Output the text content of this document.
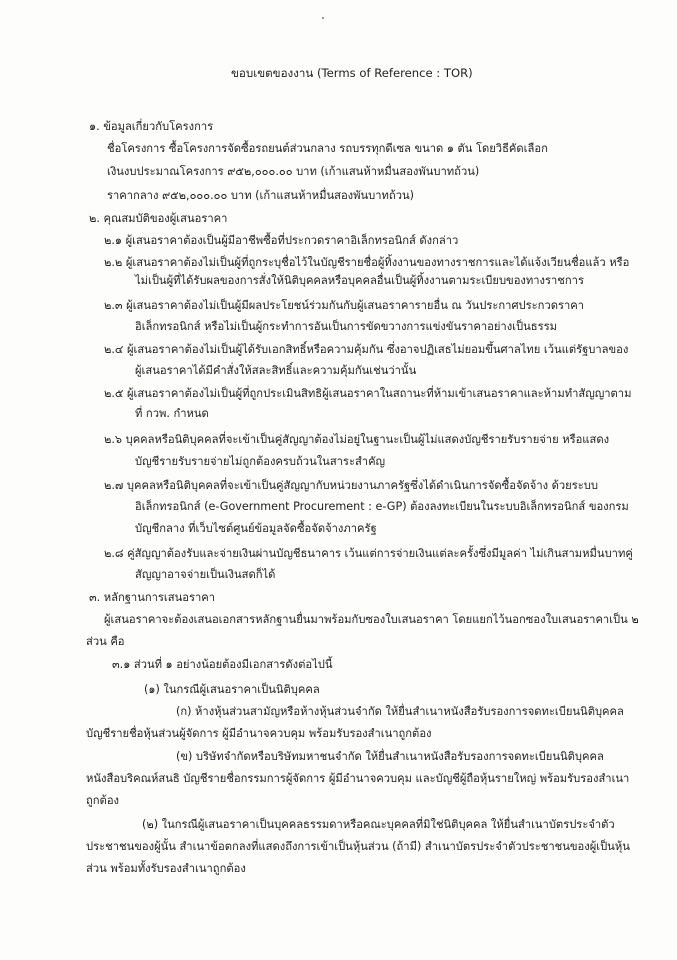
ขอบเขตของงาน (Terms of Reference : TOR)
๑. ข้อมูลเกี่ยวกับโครงการ
ชื่อโครงการ ซื้อโครงการจัดซื้อรถยนต์ส่วนกลาง รถบรรทุกดีเซล ขนาด ๑ ตัน โดยวิธีคัดเลือก
เงินงบประมาณโครงการ ๙๕๒,๐๐๐.๐๐ บาท (เก้าแสนห้าหมื่นสองพันบาทถ้วน)
ราคากลาง ๙๕๒,๐๐๐.๐๐ บาท (เก้าแสนห้าหมื่นสองพันบาทถ้วน)
๒. คุณสมบัติของผู้เสนอราคา
๒.๑ ผู้เสนอราคาต้องเป็นผู้มีอาชีพซื้อที่ประกวดราคาอิเล็กทรอนิกส์ ดังกล่าว
๒.๒ ผู้เสนอราคาต้องไม่เป็นผู้ที่ถูกระบุชื่อไว้ในบัญชีรายชื่อผู้ทิ้งงานของทางราชการและได้แจ้งเวียนชื่อแล้ว หรือ
ไม่เป็นผู้ที่ได้รับผลของการสั่งให้นิติบุคคลหรือบุคคลอื่นเป็นผู้ทิ้งงานตามระเบียบของทางราชการ
๒.๓ ผู้เสนอราคาต้องไม่เป็นผู้มีผลประโยชน์ร่วมกันกับผู้เสนอราคารายอื่น ณ วันประกาศประกวดราคา
อิเล็กทรอนิกส์ หรือไม่เป็นผู้กระทำการอันเป็นการขัดขวางการแข่งขันราคาอย่างเป็นธรรม
๒.๔ ผู้เสนอราคาต้องไม่เป็นผู้ได้รับเอกสิทธิ์หรือความคุ้มกัน ซึ่งอาจปฏิเสธไม่ยอมขึ้นศาลไทย เว้นแต่รัฐบาลของ
ผู้เสนอราคาได้มีคำสั่งให้สละสิทธิ์และความคุ้มกันเช่นว่านั้น
๒.๕ ผู้เสนอราคาต้องไม่เป็นผู้ที่ถูกประเมินสิทธิผู้เสนอราคาในสถานะที่ห้ามเข้าเสนอราคาและห้ามทำสัญญาตาม
ที่ กวพ. กำหนด
๒.๖ บุคคลหรือนิติบุคคลที่จะเข้าเป็นคู่สัญญาต้องไม่อยู่ในฐานะเป็นผู้ไม่แสดงบัญชีรายรับรายจ่าย หรือแสดง
บัญชีรายรับรายจ่ายไม่ถูกต้องครบถ้วนในสาระสำคัญ
๒.๗ บุคคลหรือนิติบุคคลที่จะเข้าเป็นคู่สัญญากับหน่วยงานภาครัฐซึ่งได้ดำเนินการจัดซื้อจัดจ้าง ด้วยระบบ
อิเล็กทรอนิกส์ (e-Government Procurement : e-GP) ต้องลงทะเบียนในระบบอิเล็กทรอนิกส์ ของกรม
บัญชีกลาง ที่เว็บไซต์ศูนย์ข้อมูลจัดซื้อจัดจ้างภาครัฐ
๒.๘ คู่สัญญาต้องรับและจ่ายเงินผ่านบัญชีธนาคาร เว้นแต่การจ่ายเงินแต่ละครั้งซึ่งมีมูลค่า ไม่เกินสามหมื่นบาทคู่
สัญญาอาจจ่ายเป็นเงินสดก็ได้
๓. หลักฐานการเสนอราคา
ผู้เสนอราคาจะต้องเสนอเอกสารหลักฐานยื่นมาพร้อมกับซองใบเสนอราคา โดยแยกไว้นอกซองใบเสนอราคาเป็น ๒
ส่วน คือ
๓.๑ ส่วนที่ ๑ อย่างน้อยต้องมีเอกสารดังต่อไปนี้
(๑) ในกรณีผู้เสนอราคาเป็นนิติบุคคล
(ก) ห้างหุ้นส่วนสามัญหรือห้างหุ้นส่วนจำกัด ให้ยื่นสำเนาหนังสือรับรองการจดทะเบียนนิติบุคคล
บัญชีรายชื่อหุ้นส่วนผู้จัดการ ผู้มีอำนาจควบคุม พร้อมรับรองสำเนาถูกต้อง
(ข) บริษัทจำกัดหรือบริษัทมหาชนจำกัด ให้ยื่นสำเนาหนังสือรับรองการจดทะเบียนนิติบุคคล
หนังสือบริคณห์สนธิ บัญชีรายชื่อกรรมการผู้จัดการ ผู้มีอำนาจควบคุม และบัญชีผู้ถือหุ้นรายใหญ่ พร้อมรับรองสำเนา
ถูกต้อง
(๒) ในกรณีผู้เสนอราคาเป็นบุคคลธรรมดาหรือคณะบุคคลที่มิใช่นิติบุคคล ให้ยื่นสำเนาบัตรประจำตัว
ประชาชนของผู้นั้น สำเนาข้อตกลงที่แสดงถึงการเข้าเป็นหุ้นส่วน (ถ้ามี) สำเนาบัตรประจำตัวประชาชนของผู้เป็นหุ้น
ส่วน พร้อมทั้งรับรองสำเนาถูกต้อง
